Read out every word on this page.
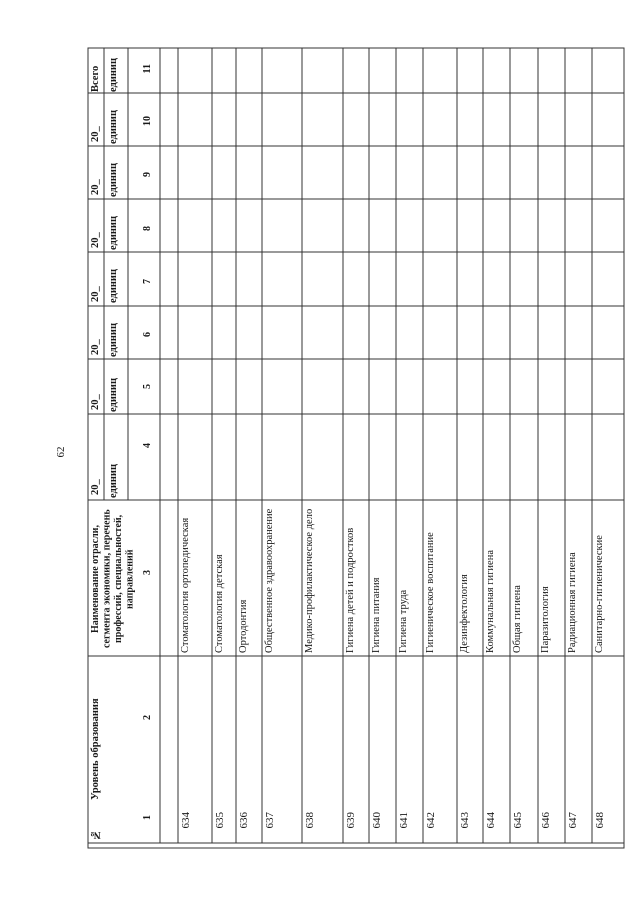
62
№
Уровень образования
Наименование отрасли, сегмента экономики, перечень профессий, специальностей, направлений
20_ единиц
20_ единиц
20_ единиц
20_ единиц
20_ единиц
20_ единиц
20_ единиц
Всего единиц
1
2
3
4
5
6
7
8
9
10
11
634
Стоматология ортопедическая
635
Стоматология детская
636
Ортодонтия
637
Общественное здравоохранение
638
Медико-профилактическое дело
639
Гигиена детей и подростков
640
Гигиена питания
641
Гигиена труда
642
Гигиеническое воспитание
643
Дезинфектология
644
Коммунальная гигиена
645
Общая гигиена
646
Паразитология
647
Радиационная гигиена
648
Санитарно-гигиенические
